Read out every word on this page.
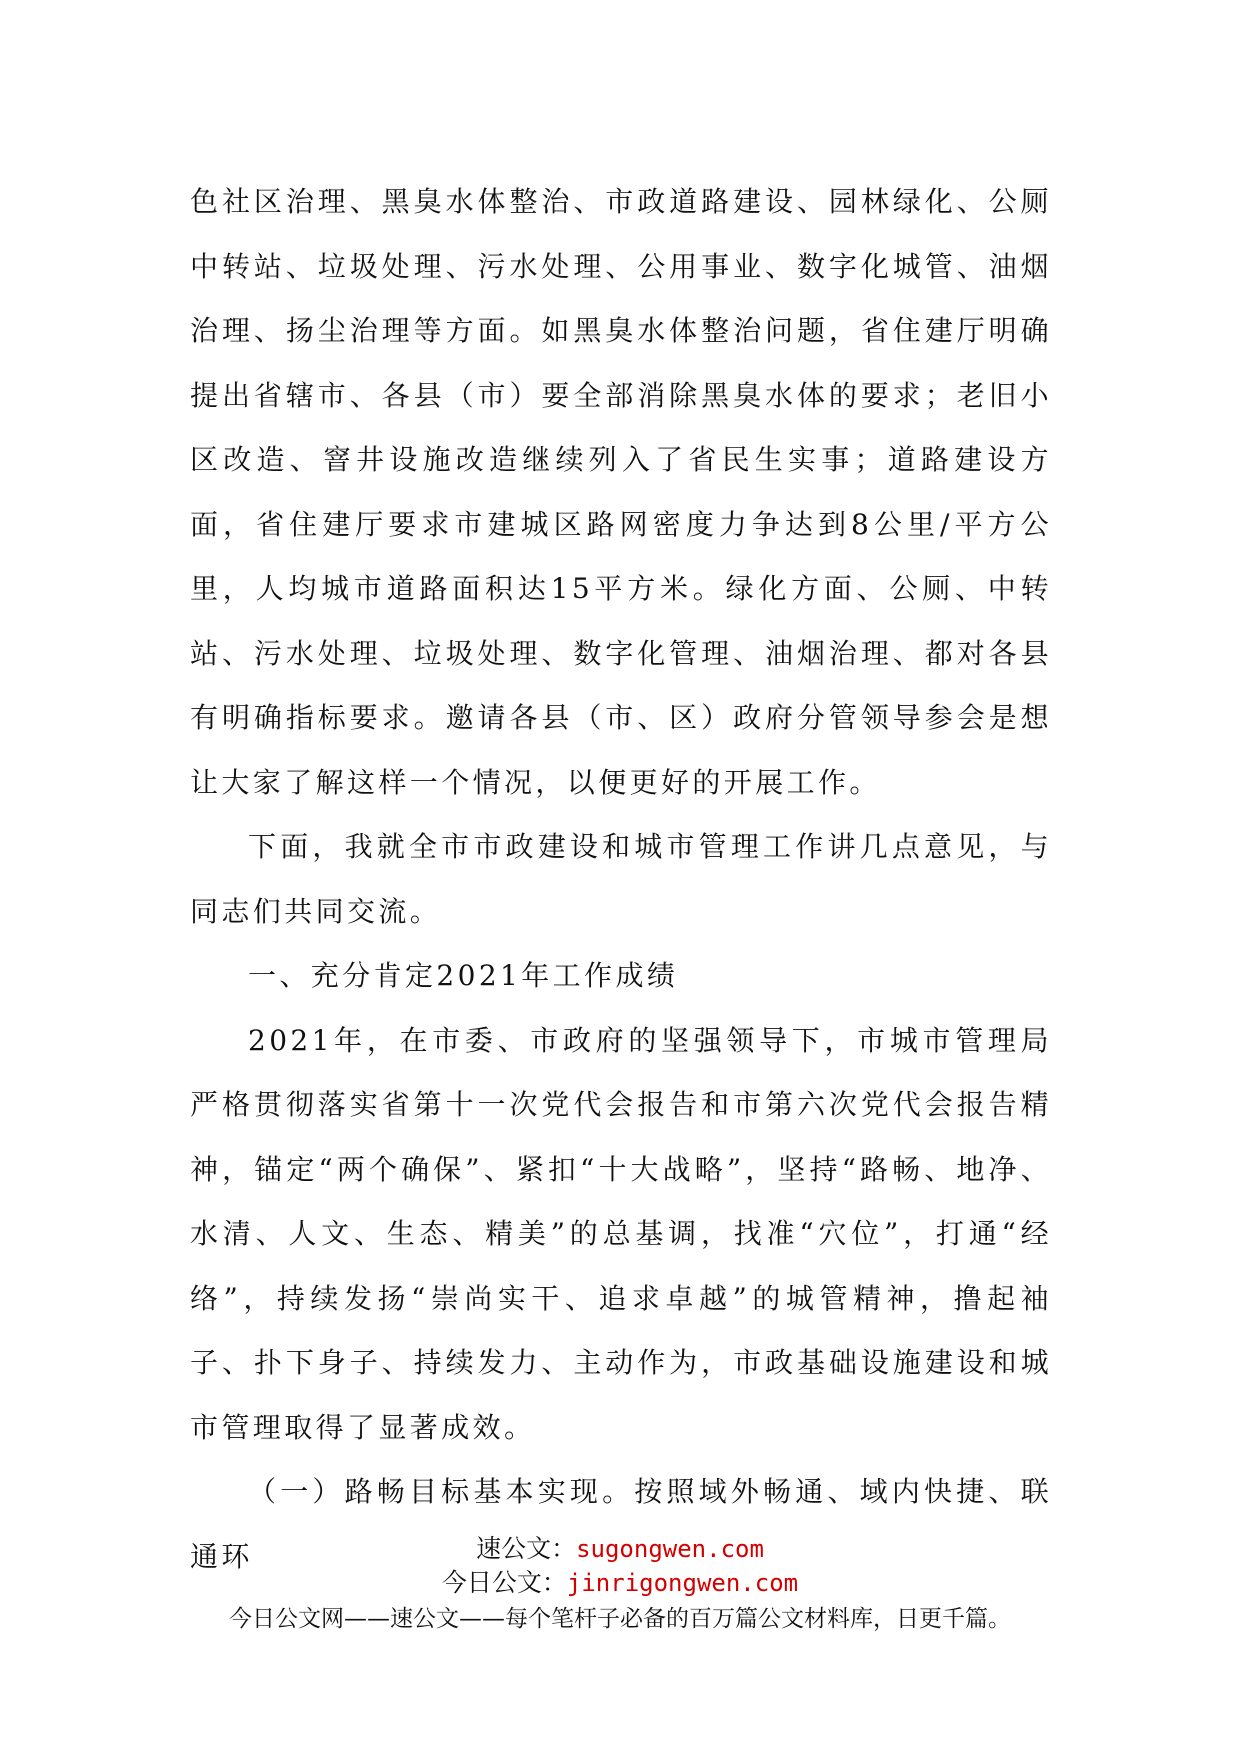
色社区治理、黑臭水体整治、市政道路建设、园林绿化、公厕中转站、垃圾处理、污水处理、公用事业、数字化城管、油烟治理、扬尘治理等方面。如黑臭水体整治问题，省住建厅明确提出省辖市、各县（市）要全部消除黑臭水体的要求；老旧小区改造、窨井设施改造继续列入了省民生实事；道路建设方面，省住建厅要求市建城区路网密度力争达到8公里/平方公里，人均城市道路面积达15平方米。绿化方面、公厕、中转站、污水处理、垃圾处理、数字化管理、油烟治理、都对各县有明确指标要求。邀请各县（市、区）政府分管领导参会是想让大家了解这样一个情况，以便更好的开展工作。

下面，我就全市市政建设和城市管理工作讲几点意见，与同志们共同交流。

一、充分肯定2021年工作成绩

2021年，在市委、市政府的坚强领导下，市城市管理局严格贯彻落实省第十一次党代会报告和市第六次党代会报告精神，锚定“两个确保”、紧扣“十大战略”，坚持“路畅、地净、水清、人文、生态、精美”的总基调，找准“穴位”，打通“经络”，持续发扬“崇尚实干、追求卓越”的城管精神，撸起袖子、扑下身子、持续发力、主动作为，市政基础设施建设和城市管理取得了显著成效。

（一）路畅目标基本实现。按照域外畅通、域内快捷、联通环	速公文：sugongwen.com
今日公文：jinrigongwen.com
今日公文网——速公文——每个笔杆子必备的百万篇公文材料库，日更千篇。
